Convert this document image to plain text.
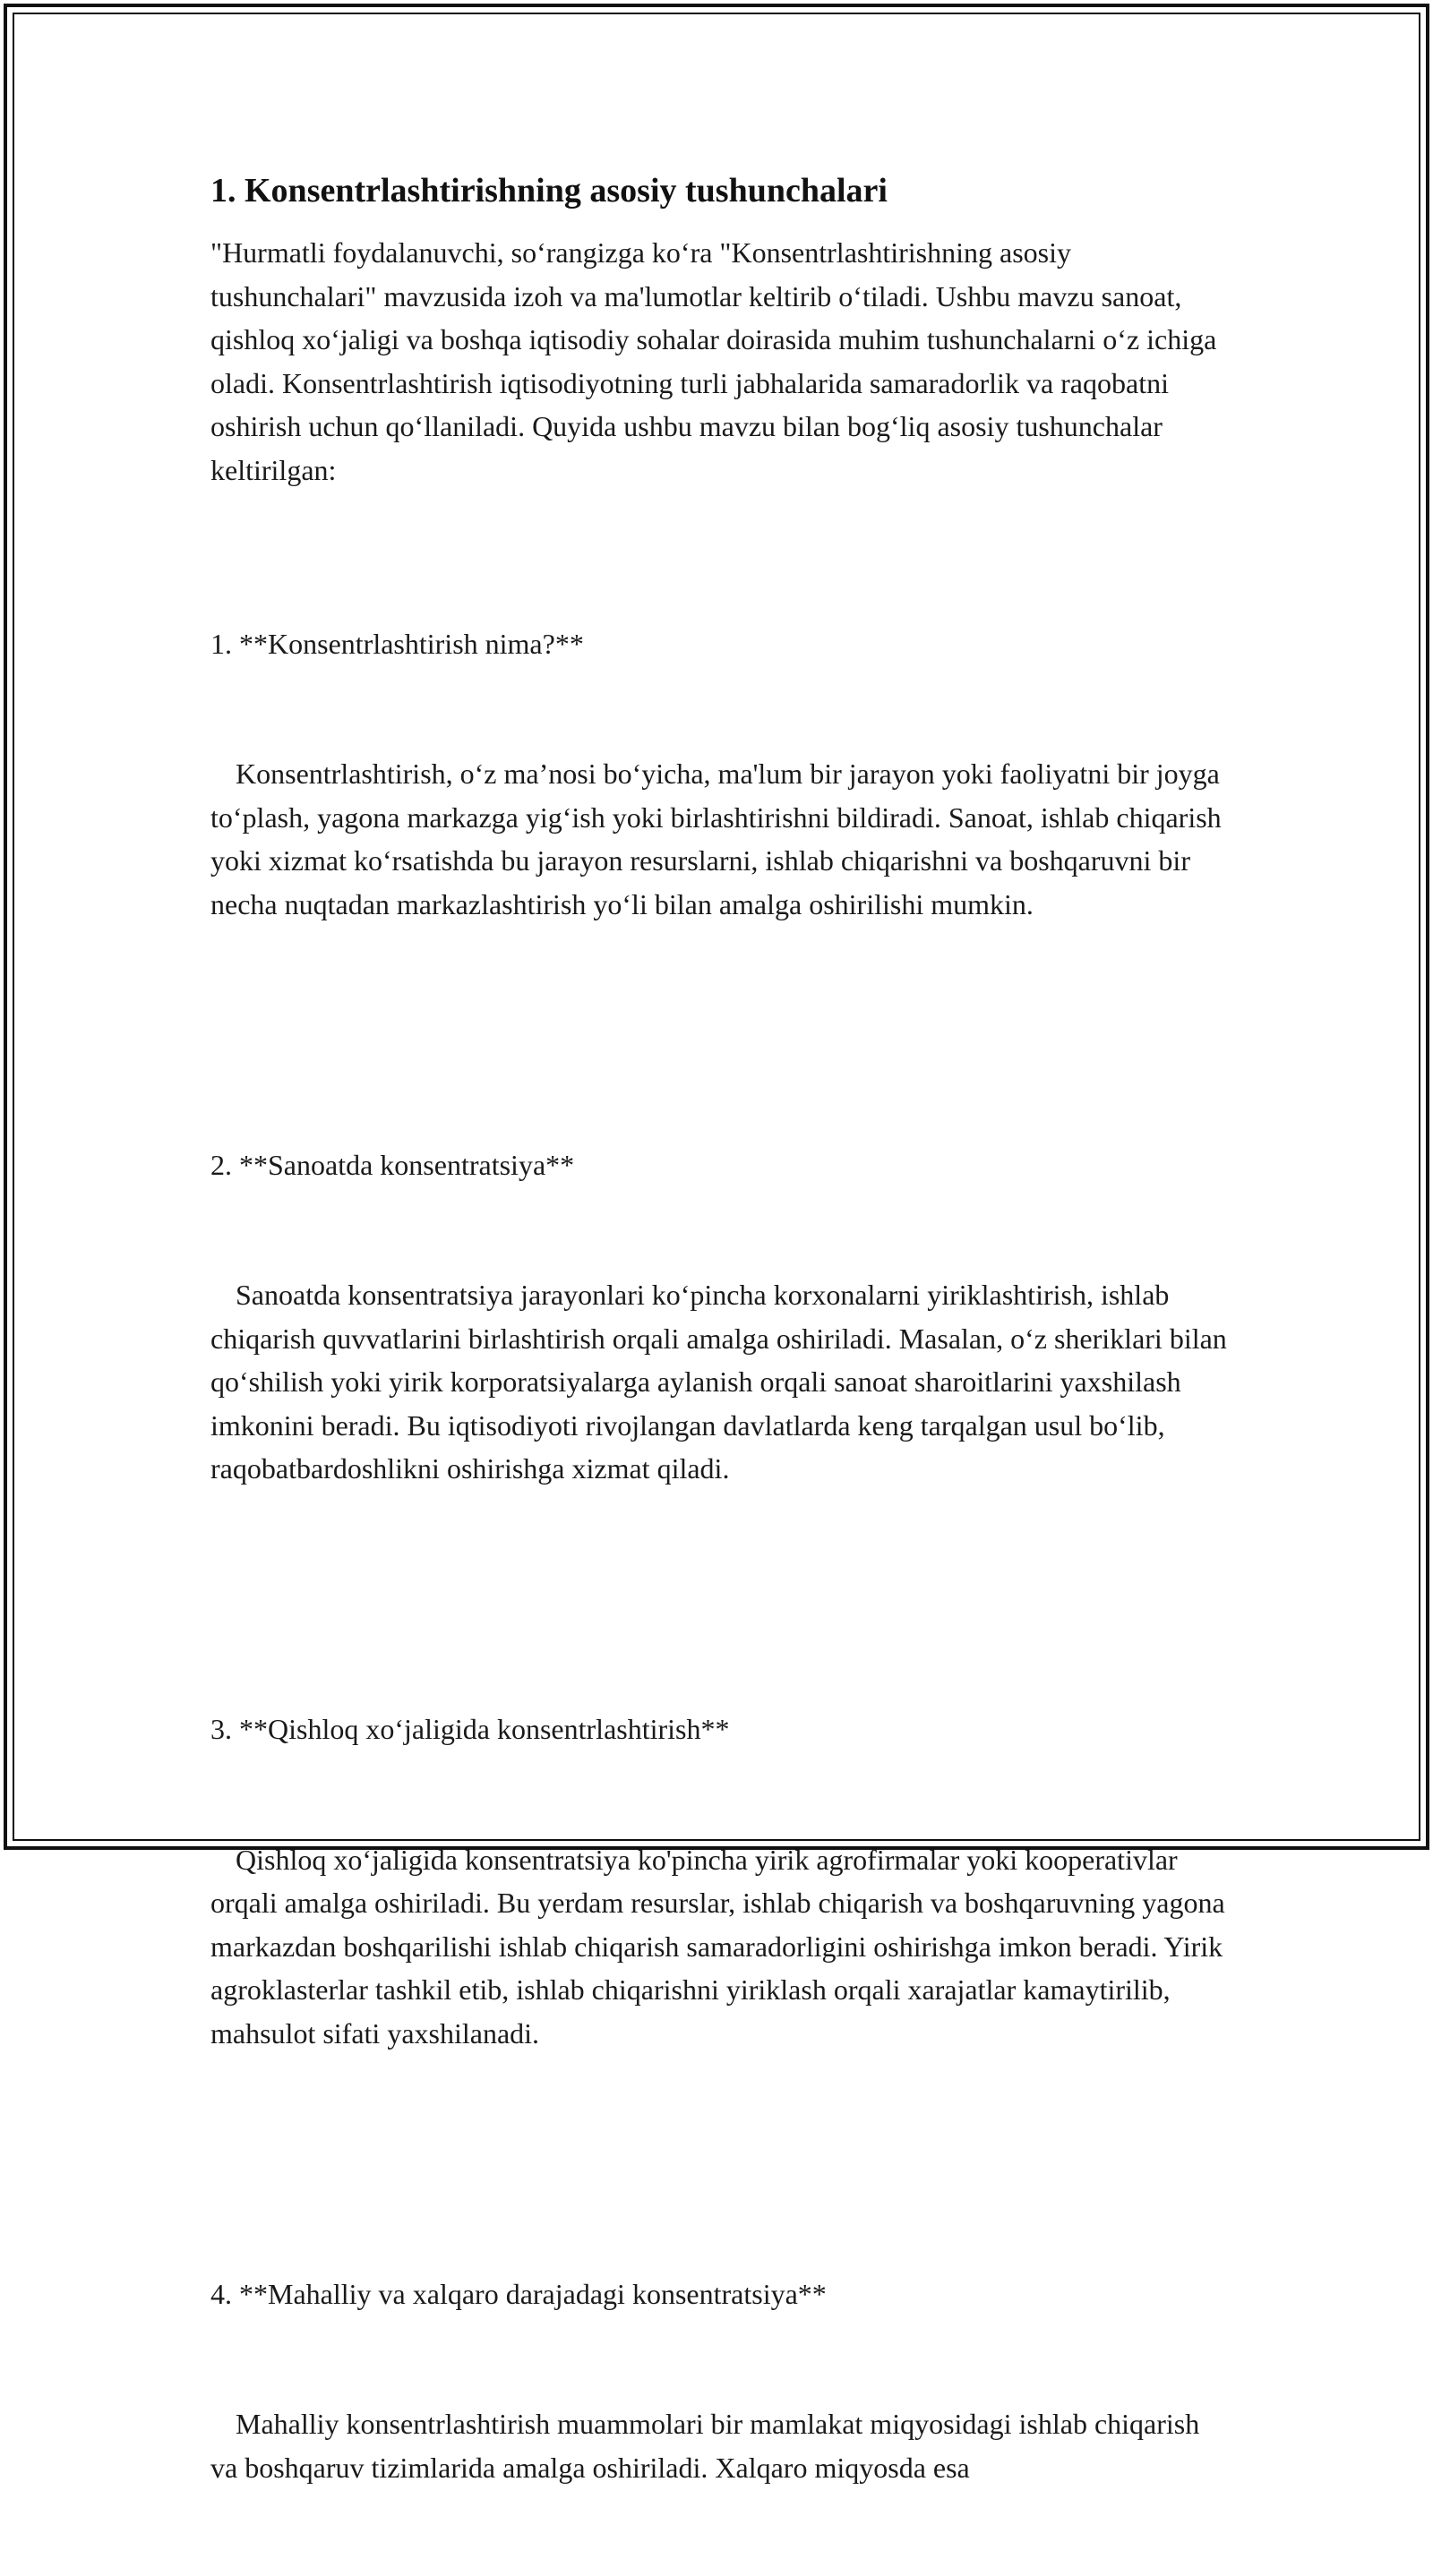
1. Konsentrlashtirishning asosiy tushunchalari

"Hurmatli foydalanuvchi, so‘rangizga ko‘ra "Konsentrlashtirishning asosiy tushunchalari" mavzusida izoh va ma'lumotlar keltirib o‘tiladi. Ushbu mavzu sanoat, qishloq xo‘jaligi va boshqa iqtisodiy sohalar doirasida muhim tushunchalarni o‘z ichiga oladi. Konsentrlashtirish iqtisodiyotning turli jabhalarida samaradorlik va raqobatni oshirish uchun qo‘llaniladi. Quyida ushbu mavzu bilan bog‘liq asosiy tushunchalar keltirilgan:

1. **Konsentrlashtirish nima?**

Konsentrlashtirish, o‘z ma’nosi bo‘yicha, ma'lum bir jarayon yoki faoliyatni bir joyga to‘plash, yagona markazga yig‘ish yoki birlashtirishni bildiradi. Sanoat, ishlab chiqarish yoki xizmat ko‘rsatishda bu jarayon resurslarni, ishlab chiqarishni va boshqaruvni bir necha nuqtadan markazlashtirish yo‘li bilan amalga oshirilishi mumkin.

2. **Sanoatda konsentratsiya**

Sanoatda konsentratsiya jarayonlari ko‘pincha korxonalarni yiriklashtirish, ishlab chiqarish quvvatlarini birlashtirish orqali amalga oshiriladi. Masalan, o‘z sheriklari bilan qo‘shilish yoki yirik korporatsiyalarga aylanish orqali sanoat sharoitlarini yaxshilash imkonini beradi. Bu iqtisodiyoti rivojlangan davlatlarda keng tarqalgan usul bo‘lib, raqobatbardoshlikni oshirishga xizmat qiladi.

3. **Qishloq xo‘jaligida konsentrlashtirish**

Qishloq xo‘jaligida konsentratsiya ko'pincha yirik agrofirmalar yoki kooperativlar orqali amalga oshiriladi. Bu yerdam resurslar, ishlab chiqarish va boshqaruvning yagona markazdan boshqarilishi ishlab chiqarish samaradorligini oshirishga imkon beradi. Yirik agroklasterlar tashkil etib, ishlab chiqarishni yiriklash orqali xarajatlar kamaytirilib, mahsulot sifati yaxshilanadi.

4. **Mahalliy va xalqaro darajadagi konsentratsiya**

Mahalliy konsentrlashtirish muammolari bir mamlakat miqyosidagi ishlab chiqarish va boshqaruv tizimlarida amalga oshiriladi. Xalqaro miqyosda esa
